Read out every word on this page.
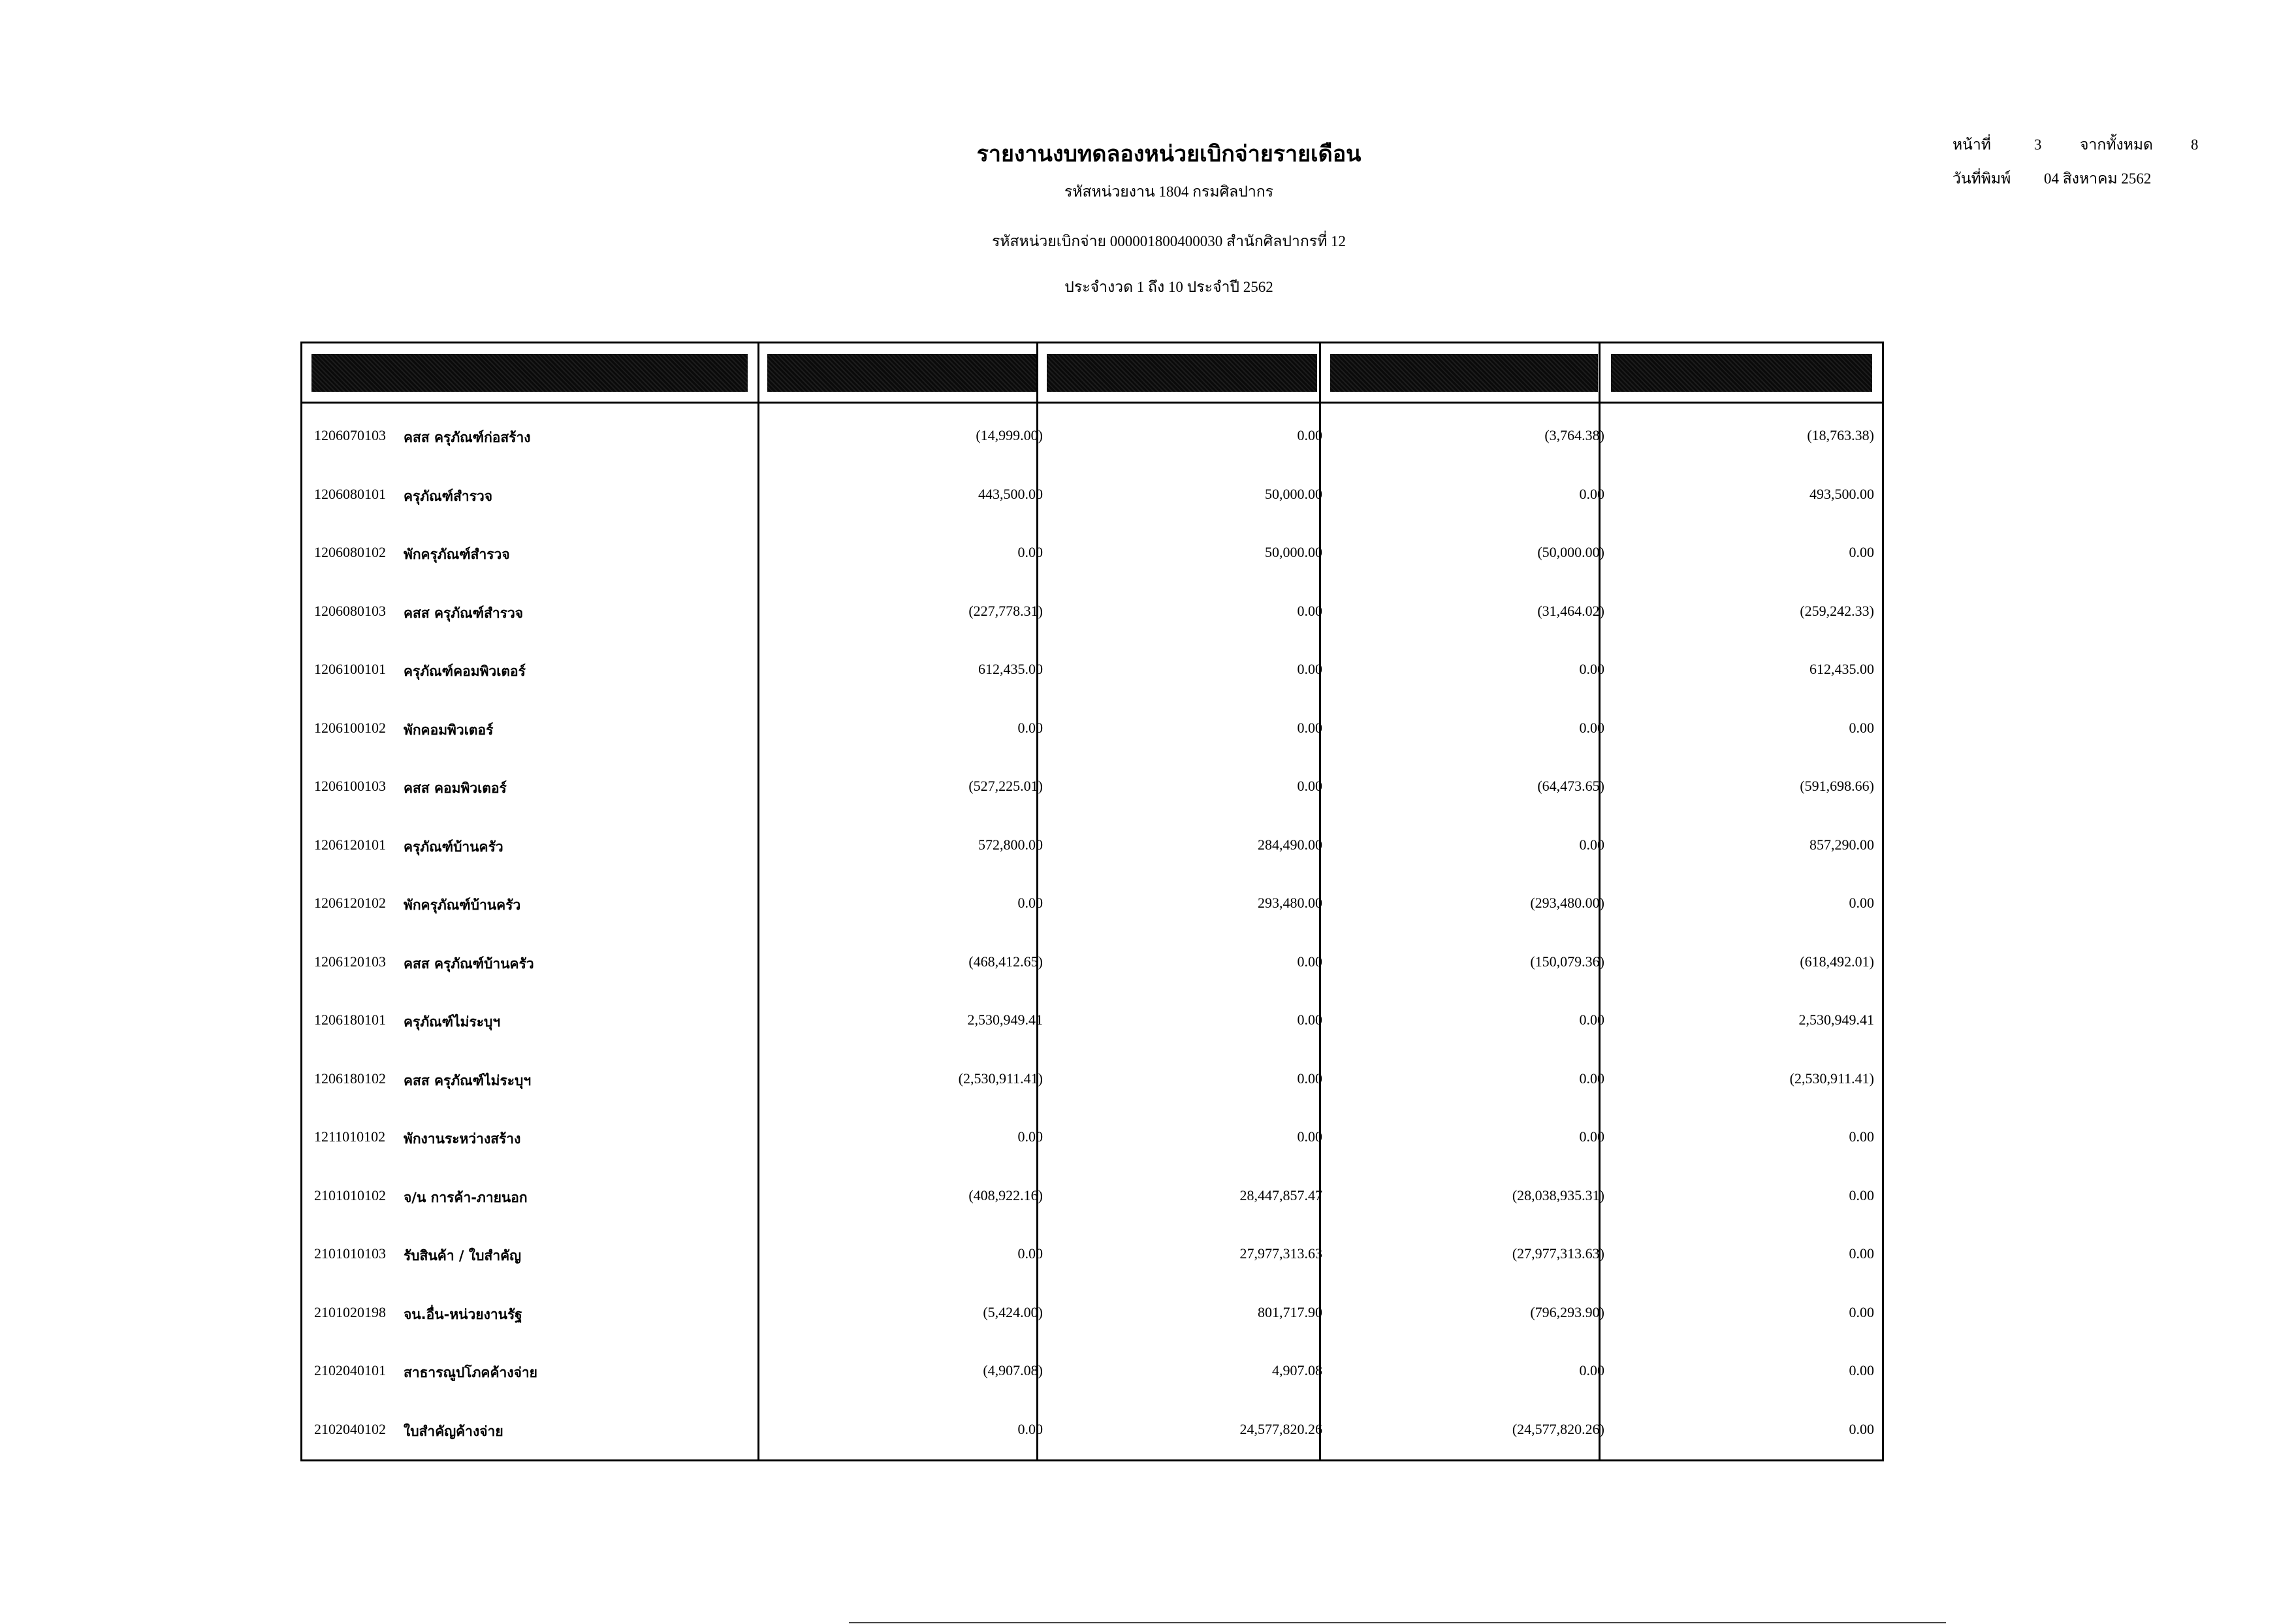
รายงานงบทดลองหน่วยเบิกจ่ายรายเดือน
รหัสหน่วยงาน 1804 กรมศิลปากร
รหัสหน่วยเบิกจ่าย 000001800400030 สำนักศิลปากรที่ 12
ประจำงวด 1 ถึง 10 ประจำปี 2562
หน้าที่	3	จากทั้งหมด	8
วันที่พิมพ์ 04 สิงหาคม 2562
1206070103 คสส ครุภัณฑ์ก่อสร้าง	(14,999.00)	0.00	(3,764.38)	(18,763.38)
1206080101 ครุภัณฑ์สำรวจ	443,500.00	50,000.00	0.00	493,500.00
1206080102 พักครุภัณฑ์สำรวจ	0.00	50,000.00	(50,000.00)	0.00
1206080103 คสส ครุภัณฑ์สำรวจ	(227,778.31)	0.00	(31,464.02)	(259,242.33)
1206100101 ครุภัณฑ์คอมพิวเตอร์	612,435.00	0.00	0.00	612,435.00
1206100102 พักคอมพิวเตอร์	0.00	0.00	0.00	0.00
1206100103 คสส คอมพิวเตอร์	(527,225.01)	0.00	(64,473.65)	(591,698.66)
1206120101 ครุภัณฑ์บ้านครัว	572,800.00	284,490.00	0.00	857,290.00
1206120102 พักครุภัณฑ์บ้านครัว	0.00	293,480.00	(293,480.00)	0.00
1206120103 คสส ครุภัณฑ์บ้านครัว	(468,412.65)	0.00	(150,079.36)	(618,492.01)
1206180101 ครุภัณฑ์ไม่ระบุฯ	2,530,949.41	0.00	0.00	2,530,949.41
1206180102 คสส ครุภัณฑ์ไม่ระบุฯ	(2,530,911.41)	0.00	0.00	(2,530,911.41)
1211010102 พักงานระหว่างสร้าง	0.00	0.00	0.00	0.00
2101010102 จ/น การค้า-ภายนอก	(408,922.16)	28,447,857.47	(28,038,935.31)	0.00
2101010103 รับสินค้า / ใบสำคัญ	0.00	27,977,313.63	(27,977,313.63)	0.00
2101020198 จน.อื่น-หน่วยงานรัฐ	(5,424.00)	801,717.90	(796,293.90)	0.00
2102040101 สาธารณูปโภคค้างจ่าย	(4,907.08)	4,907.08	0.00	0.00
2102040102 ใบสำคัญค้างจ่าย	0.00	24,577,820.26	(24,577,820.26)	0.00
